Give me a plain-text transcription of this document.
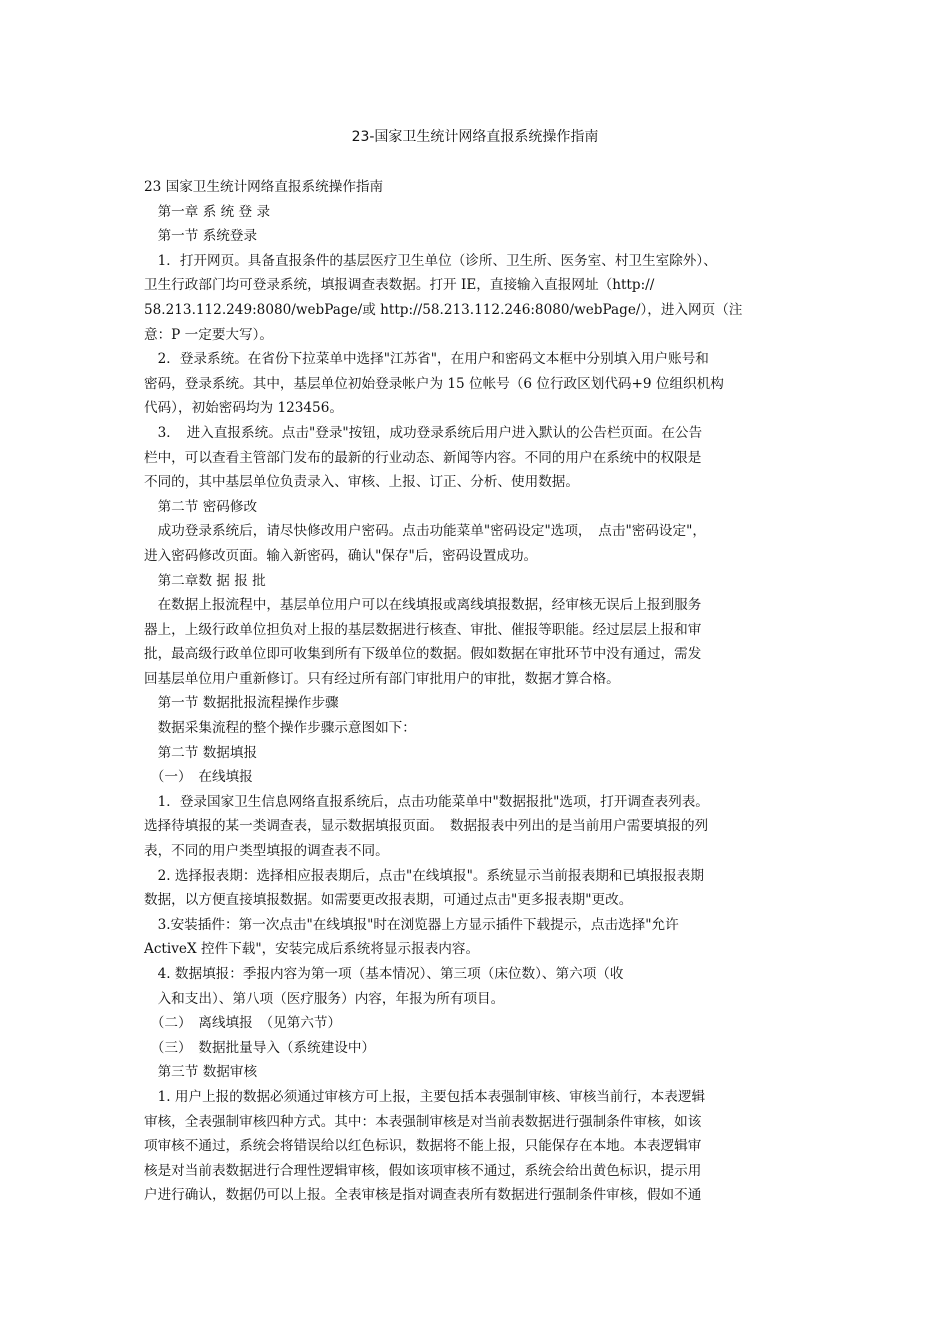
23-国家卫生统计网络直报系统操作指南
23 国家卫生统计网络直报系统操作指南
　第一章 系 统 登 录
　第一节 系统登录
　1．打开网页。具备直报条件的基层医疗卫生单位（诊所、卫生所、医务室、村卫生室除外）、
卫生行政部门均可登录系统，填报调查表数据。打开 IE，直接输入直报网址（http://
58.213.112.249:8080/webPage/或 http://58.213.112.246:8080/webPage/），进入网页（注
意：P 一定要大写）。
　2．登录系统。在省份下拉菜单中选择"江苏省"，在用户和密码文本框中分别填入用户账号和
密码，登录系统。其中，基层单位初始登录帐户为 15 位帐号（6 位行政区划代码+9 位组织机构
代码），初始密码均为 123456。
　3．　进入直报系统。点击"登录"按钮，成功登录系统后用户进入默认的公告栏页面。在公告
栏中，可以查看主管部门发布的最新的行业动态、新闻等内容。不同的用户在系统中的权限是
不同的，其中基层单位负责录入、审核、上报、订正、分析、使用数据。
　第二节 密码修改
　成功登录系统后，请尽快修改用户密码。点击功能菜单"密码设定"选项，　点击"密码设定"，
进入密码修改页面。输入新密码，确认"保存"后，密码设置成功。
　第二章数 据 报 批
　在数据上报流程中，基层单位用户可以在线填报或离线填报数据，经审核无误后上报到服务
器上，上级行政单位担负对上报的基层数据进行核查、审批、催报等职能。经过层层上报和审
批，最高级行政单位即可收集到所有下级单位的数据。假如数据在审批环节中没有通过，需发
回基层单位用户重新修订。只有经过所有部门审批用户的审批，数据才算合格。
　第一节 数据批报流程操作步骤
　数据采集流程的整个操作步骤示意图如下：
　第二节 数据填报
　（一）　在线填报
　1．登录国家卫生信息网络直报系统后，点击功能菜单中"数据报批"选项，打开调查表列表。
选择待填报的某一类调查表，显示数据填报页面。　数据报表中列出的是当前用户需要填报的列
表，不同的用户类型填报的调查表不同。
　2. 选择报表期：选择相应报表期后，点击"在线填报"。系统显示当前报表期和已填报报表期
数据，以方便直接填报数据。如需要更改报表期，可通过点击"更多报表期"更改。
　3.安装插件：第一次点击"在线填报"时在浏览器上方显示插件下载提示，点击选择"允许
ActiveX 控件下载"，安装完成后系统将显示报表内容。
　4. 数据填报：季报内容为第一项（基本情况）、第三项（床位数）、第六项（收
　入和支出）、第八项（医疗服务）内容，年报为所有项目。
　（二）　离线填报　（见第六节）
　（三）　数据批量导入（系统建设中）
　第三节 数据审核
　1. 用户上报的数据必须通过审核方可上报，主要包括本表强制审核、审核当前行，本表逻辑
审核，全表强制审核四种方式。其中：本表强制审核是对当前表数据进行强制条件审核，如该
项审核不通过，系统会将错误给以红色标识，数据将不能上报，只能保存在本地。本表逻辑审
核是对当前表数据进行合理性逻辑审核，假如该项审核不通过，系统会给出黄色标识，提示用
户进行确认，数据仍可以上报。全表审核是指对调查表所有数据进行强制条件审核，假如不通
